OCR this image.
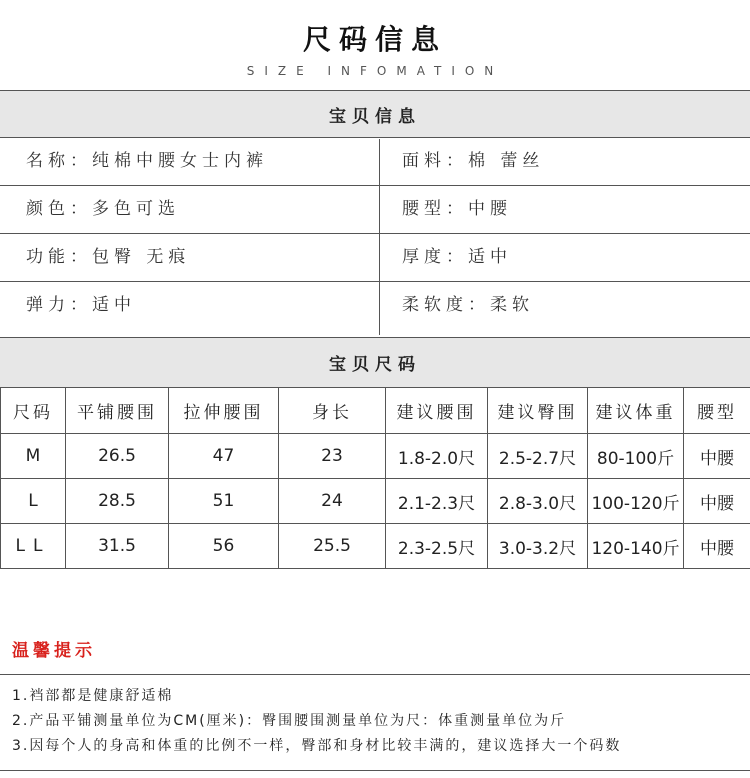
尺码信息
SIZE INFOMATION
宝贝信息
名称：纯棉中腰女士内裤	面料：棉 蕾丝
颜色：多色可选	腰型：中腰
功能：包臀 无痕	厚度：适中
弹力：适中	柔软度：柔软
宝贝尺码
尺码	平铺腰围	拉伸腰围	身长	建议腰围	建议臀围	建议体重	腰型
M	26.5	47	23	1.8-2.0尺	2.5-2.7尺	80-100斤	中腰
L	28.5	51	24	2.1-2.3尺	2.8-3.0尺	100-120斤	中腰
LL	31.5	56	25.5	2.3-2.5尺	3.0-3.2尺	120-140斤	中腰
温馨提示
1.裆部都是健康舒适棉
2.产品平铺测量单位为CM(厘米)：臀围腰围测量单位为尺：体重测量单位为斤
3.因每个人的身高和体重的比例不一样，臀部和身材比较丰满的，建议选择大一个码数
